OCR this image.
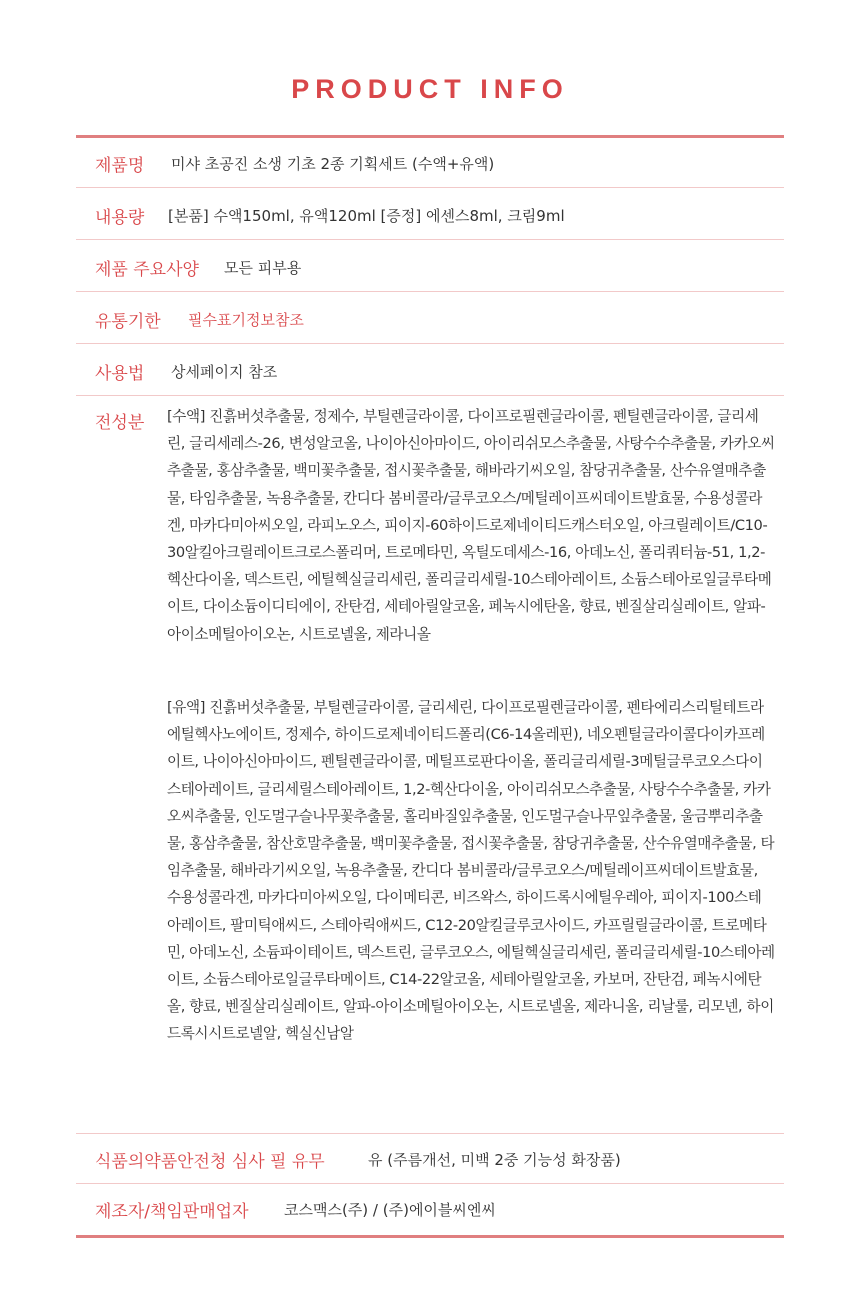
PRODUCT INFO
제품명 미샤 초공진 소생 기초 2종 기획세트 (수액+유액)
내용량 [본품] 수액150ml, 유액120ml [증정] 에센스8ml, 크림9ml
제품 주요사양 모든 피부용
유통기한 필수표기정보참조
사용법 상세페이지 참조
전성분 [수액] 진흙버섯추출물, 정제수, 부틸렌글라이콜, 다이프로필렌글라이콜, 펜틸렌글라이콜, 글리세린, 글리세레스-26, 변성알코올, 나이아신아마이드, 아이리쉬모스추출물, 사탕수수추출물, 카카오씨추출물, 홍삼추출물, 백미꽃추출물, 접시꽃추출물, 해바라기씨오일, 참당귀추출물, 산수유열매추출물, 타임추출물, 녹용추출물, 칸디다 봄비콜라/글루코오스/메틸레이프씨데이트발효물, 수용성콜라겐, 마카다미아씨오일, 라피노오스, 피이지-60하이드로제네이티드캐스터오일, 아크릴레이트/C10-30알킬아크릴레이트크로스폴리머, 트로메타민, 옥틸도데세스-16, 아데노신, 폴리쿼터늄-51, 1,2-헥산다이올, 덱스트린, 에틸헥실글리세린, 폴리글리세릴-10스테아레이트, 소듐스테아로일글루타메이트, 다이소듐이디티에이, 잔탄검, 세테아릴알코올, 페녹시에탄올, 향료, 벤질살리실레이트, 알파-아이소메틸아이오논, 시트로넬올, 제라니올
[유액] 진흙버섯추출물, 부틸렌글라이콜, 글리세린, 다이프로필렌글라이콜, 펜타에리스리틸테트라에틸헥사노에이트, 정제수, 하이드로제네이티드폴리(C6-14올레핀), 네오펜틸글라이콜다이카프레이트, 나이아신아마이드, 펜틸렌글라이콜, 메틸프로판다이올, 폴리글리세릴-3메틸글루코오스다이스테아레이트, 글리세릴스테아레이트, 1,2-헥산다이올, 아이리쉬모스추출물, 사탕수수추출물, 카카오씨추출물, 인도멀구슬나무꽃추출물, 홀리바질잎추출물, 인도멀구슬나무잎추출물, 울금뿌리추출물, 홍삼추출물, 참산호말추출물, 백미꽃추출물, 접시꽃추출물, 참당귀추출물, 산수유열매추출물, 타임추출물, 해바라기씨오일, 녹용추출물, 칸디다 봄비콜라/글루코오스/메틸레이프씨데이트발효물, 수용성콜라겐, 마카다미아씨오일, 다이메티콘, 비즈왁스, 하이드록시에틸우레아, 피이지-100스테아레이트, 팔미틱애씨드, 스테아릭애씨드, C12-20알킬글루코사이드, 카프릴릴글라이콜, 트로메타민, 아데노신, 소듐파이테이트, 덱스트린, 글루코오스, 에틸헥실글리세린, 폴리글리세릴-10스테아레이트, 소듐스테아로일글루타메이트, C14-22알코올, 세테아릴알코올, 카보머, 잔탄검, 페녹시에탄올, 향료, 벤질살리실레이트, 알파-아이소메틸아이오논, 시트로넬올, 제라니올, 리날룰, 리모넨, 하이드록시시트로넬알, 헥실신남알
식품의약품안전청 심사 필 유무	유 (주름개선, 미백 2중 기능성 화장품)
제조자/책임판매업자 코스맥스(주) / (주)에이블씨엔씨
